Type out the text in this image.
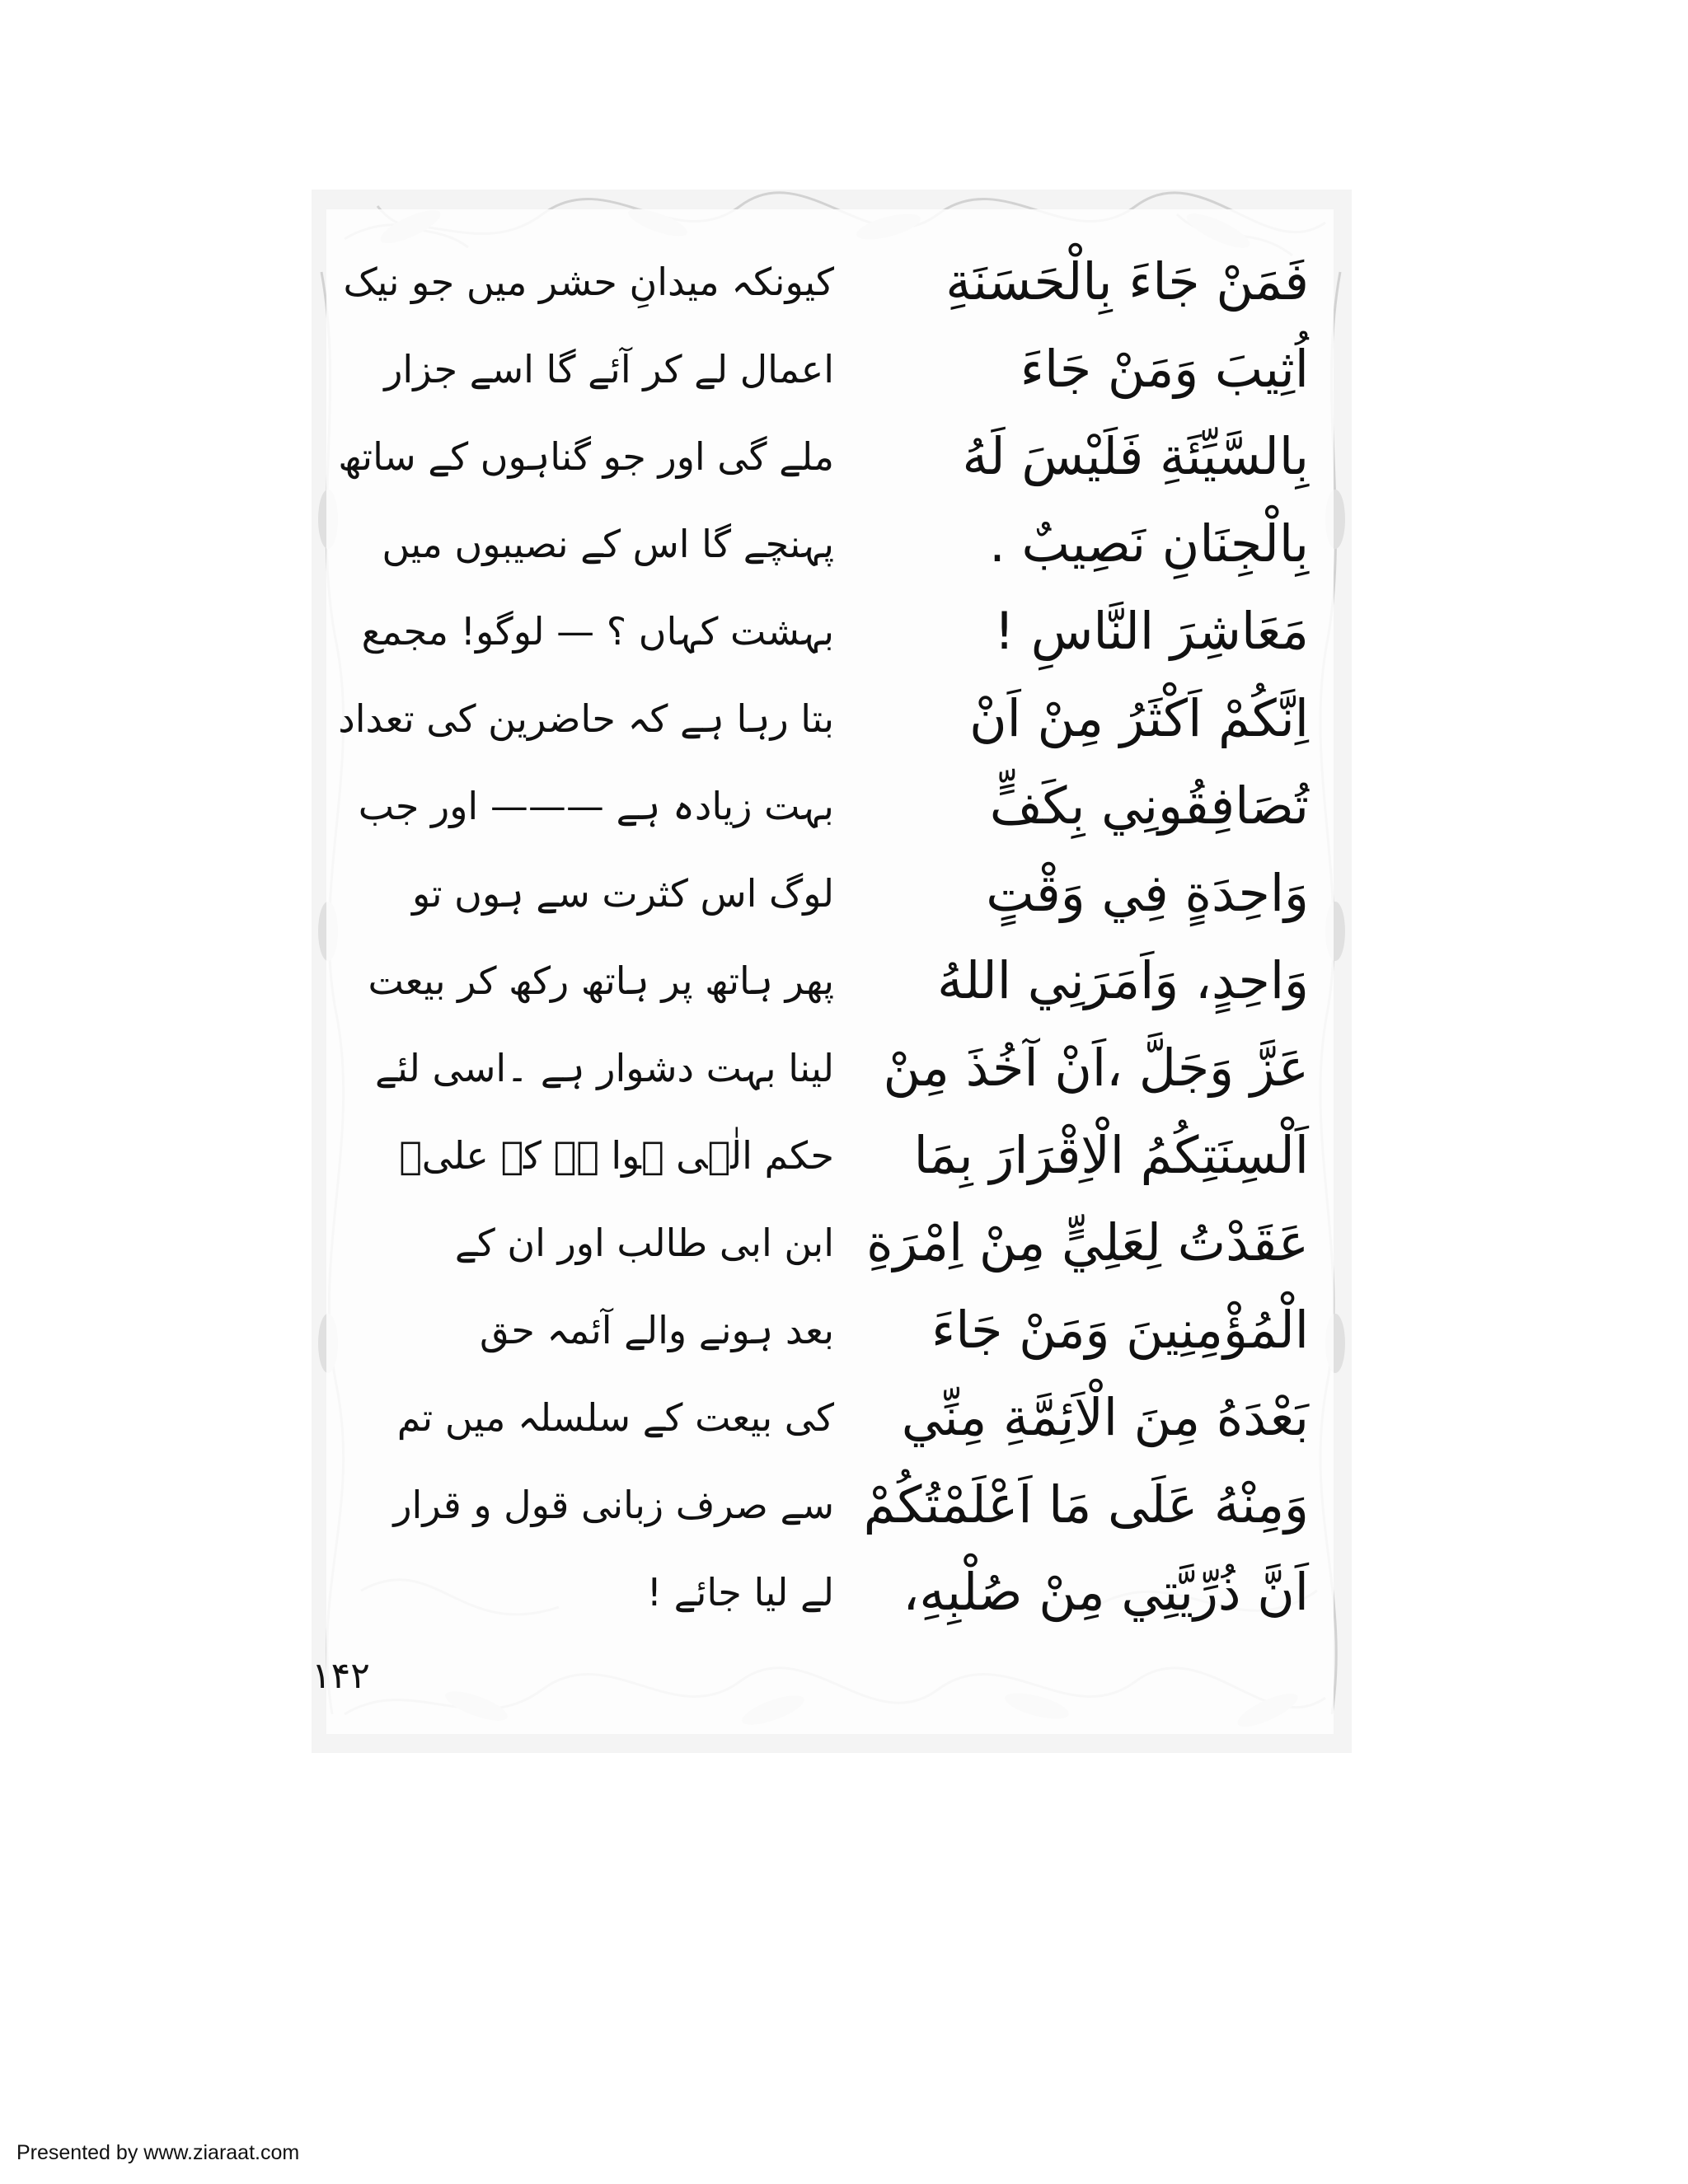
فَمَنْ جَاءَ بِالْحَسَنَةِ
کیونکہ میدانِ حشر میں جو نیک
اُثِيبَ وَمَنْ جَاءَ
اعمال لے کر آئے گا اسے جزار
بِالسَّيِّئَةِ فَلَيْسَ لَهُ
ملے گی اور جو گناہوں کے ساتھ
بِالْجِنَانِ نَصِيبٌ .
پہنچے گا اس کے نصیبوں میں
مَعَاشِرَ النَّاسِ !
بہشت کہاں ؟ — لوگو! مجمع
اِنَّكُمْ اَكْثَرُ مِنْ اَنْ
بتا رہا ہے کہ حاضرین کی تعداد
تُصَافِقُونِي بِكَفٍّ
بہت زیادہ ہے ——— اور جب
وَاحِدَةٍ فِي وَقْتٍ
لوگ اس کثرت سے ہوں تو
وَاحِدٍ، وَاَمَرَنِي اللهُ
پھر ہاتھ پر ہاتھ رکھ کر بیعت
عَزَّ وَجَلَّ ،اَنْ آخُذَ مِنْ
لینا بہت دشوار ہے ۔اسی لئے
اَلْسِنَتِكُمُ الْاِقْرَارَ بِمَا
حکم الٰہی ہوا ہے کہ علیؑ
عَقَدْتُ لِعَلِيٍّ مِنْ اِمْرَةِ
ابن ابی طالب اور ان کے
الْمُؤْمِنِينَ وَمَنْ جَاءَ
بعد ہونے والے آئمہ حق
بَعْدَهُ مِنَ الْاَئِمَّةِ مِنِّي
کی بیعت کے سلسلہ میں تم
وَمِنْهُ عَلَى مَا اَعْلَمْتُكُمْ
سے صرف زبانی قول و قرار
اَنَّ ذُرِّيَّتِي مِنْ صُلْبِهِ،
لے لیا جائے !
۱۴۲
Presented by www.ziaraat.com
